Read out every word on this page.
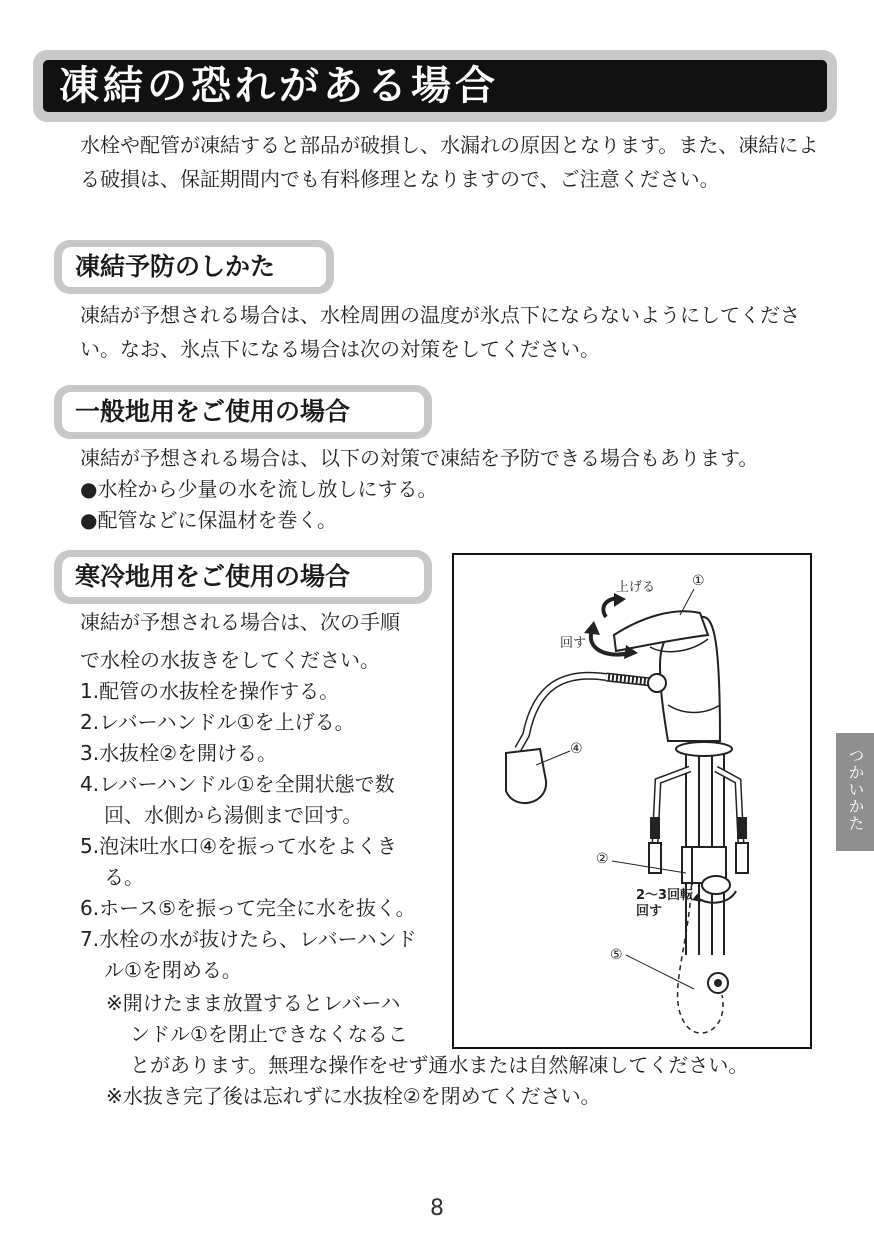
凍結の恐れがある場合
水栓や配管が凍結すると部品が破損し、水漏れの原因となります。また、凍結による破損は、保証期間内でも有料修理となりますので、ご注意ください。
凍結予防のしかた
凍結が予想される場合は、水栓周囲の温度が氷点下にならないようにしてください。なお、氷点下になる場合は次の対策をしてください。
一般地用をご使用の場合
凍結が予想される場合は、以下の対策で凍結を予防できる場合もあります。
●水栓から少量の水を流し放しにする。
●配管などに保温材を巻く。
寒冷地用をご使用の場合
凍結が予想される場合は、次の手順
で水栓の水抜きをしてください。
1.配管の水抜栓を操作する。
2.レバーハンドル①を上げる。
3.水抜栓②を開ける。
4.レバーハンドル①を全開状態で数
回、水側から湯側まで回す。
5.泡沫吐水口④を振って水をよくき
る。
6.ホース⑤を振って完全に水を抜く。
7.水栓の水が抜けたら、レバーハンド
ル①を閉める。
※開けたまま放置するとレバーハ
ンドル①を閉止できなくなるこ
とがあります。無理な操作をせず通水または自然解凍してください。
※水抜き完了後は忘れずに水抜栓②を閉めてください。
上げる
回す
2～3回転
回す
①
④
②
⑤
つかいかた
8
